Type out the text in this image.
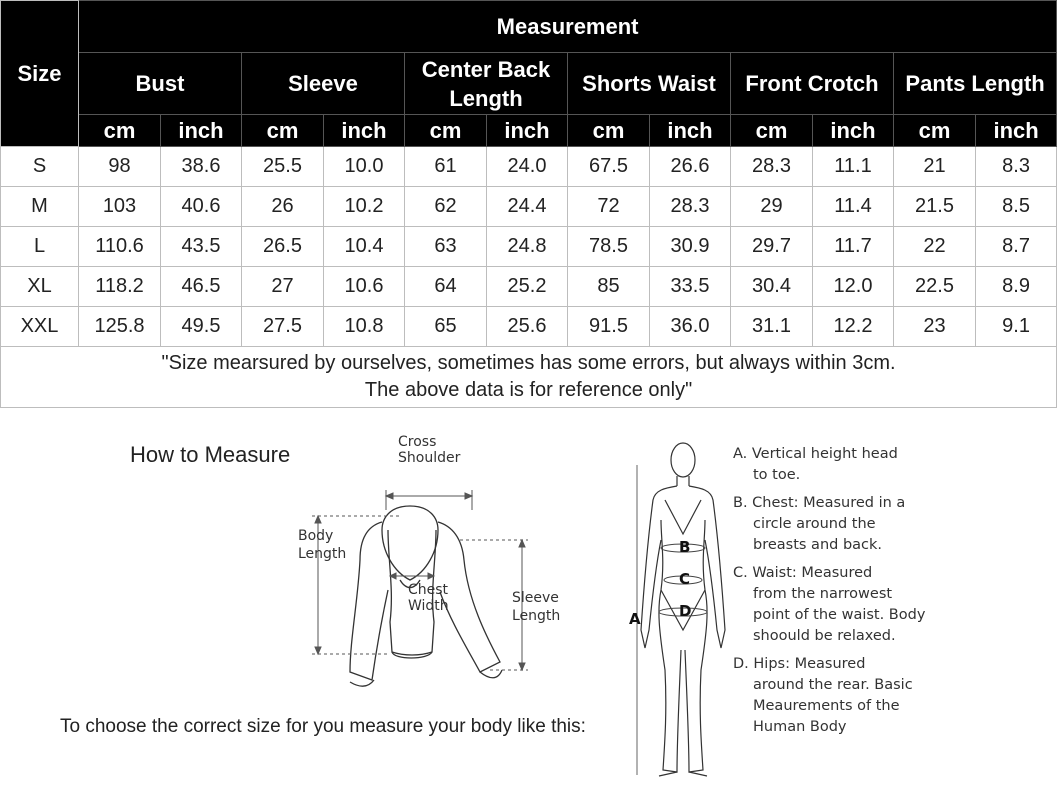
Size	Measurement											
	Bust		Sleeve		Center Back Length		Shorts Waist		Front Crotch		Pants Length	
	cm	inch	cm	inch	cm	inch	cm	inch	cm	inch	cm	inch
S	98	38.6	25.5	10.0	61	24.0	67.5	26.6	28.3	11.1	21	8.3
M	103	40.6	26	10.2	62	24.4	72	28.3	29	11.4	21.5	8.5
L	110.6	43.5	26.5	10.4	63	24.8	78.5	30.9	29.7	11.7	22	8.7
XL	118.2	46.5	27	10.6	64	25.2	85	33.5	30.4	12.0	22.5	8.9
XXL	125.8	49.5	27.5	10.8	65	25.6	91.5	36.0	31.1	12.2	23	9.1

"Size mearsured by ourselves, sometimes has some errors, but always within 3cm.
The above data is for reference only"												
How to Measure	Cross
Shoulder
Body
Length
Chest
Width	Sleeve
Length
To choose the correct size for you measure your body like this:
B
C
D
A
A. Vertical height head
to toe.
B. Chest: Measured in a
circle around the breasts and back.
C. Waist: Measured
from the narrowest point of the waist. Body shoould be relaxed.
D. Hips: Measured
around the rear. Basic Meaurements of the Human Body
